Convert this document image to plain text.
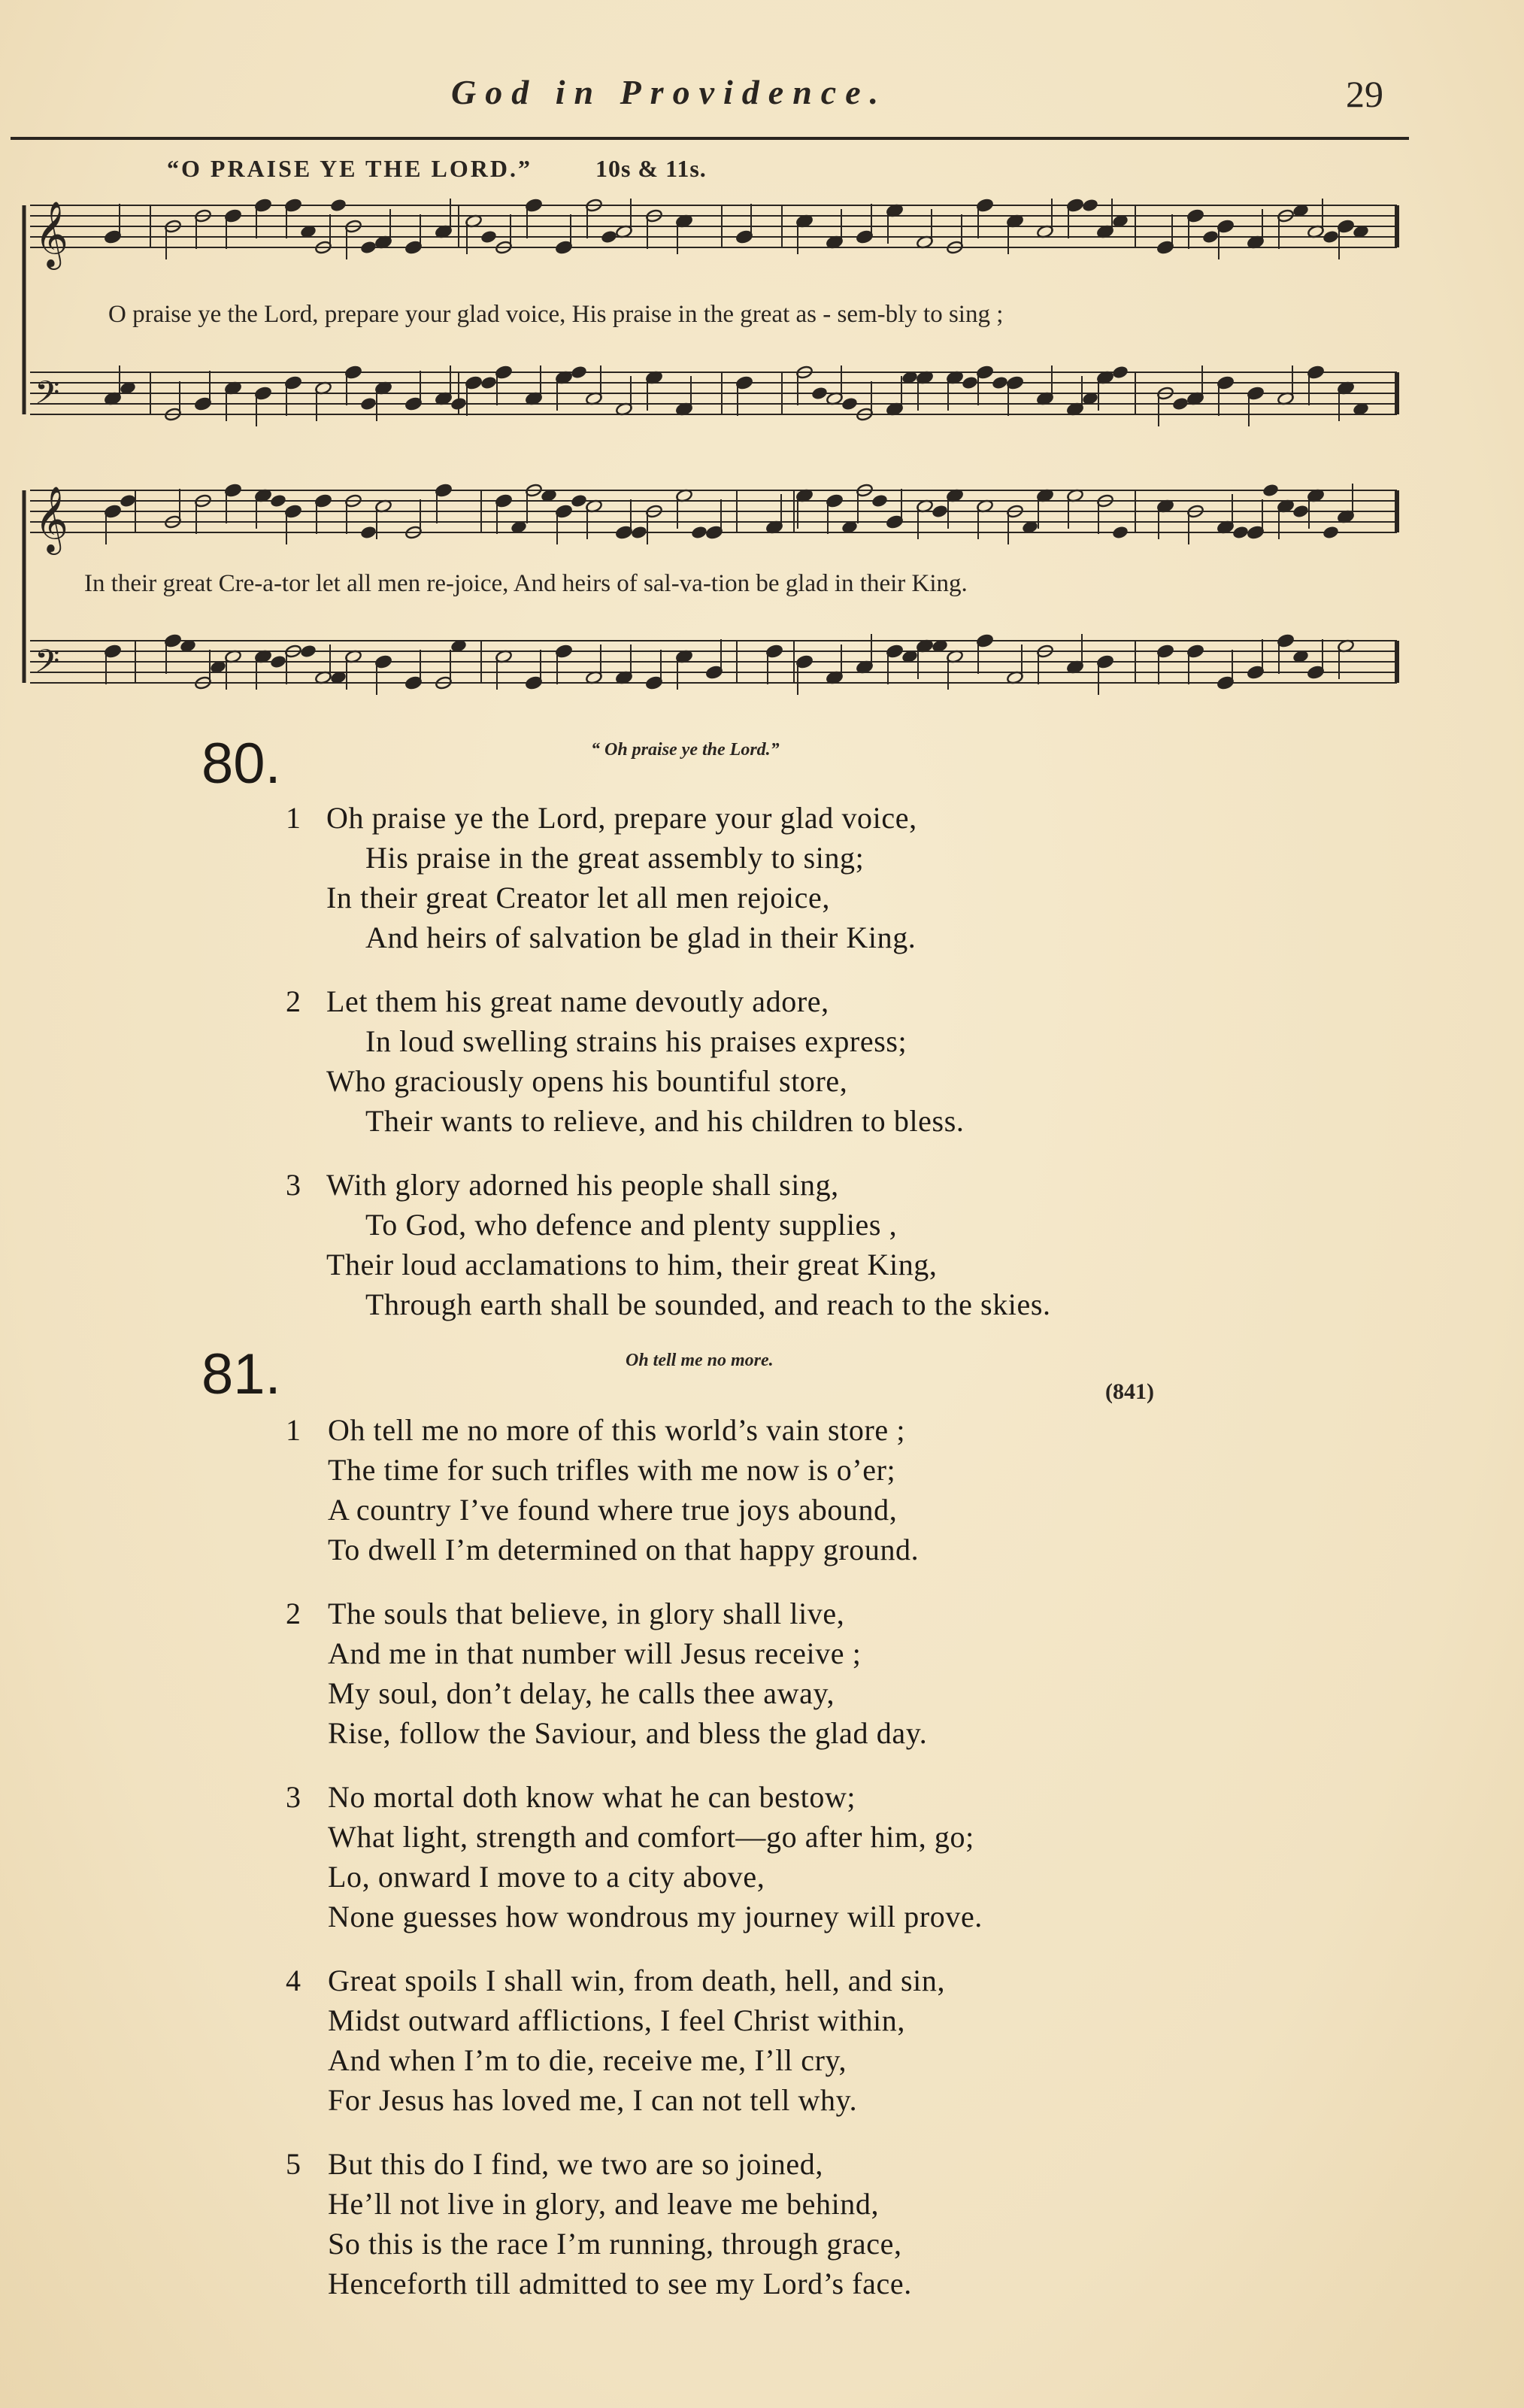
God in Providence.	29
“O PRAISE YE THE LORD.”	10s & 11s.
𝄞
𝄢
𝄞
𝄢
O praise ye the Lord, prepare your glad voice, His praise in the great as - sem-bly to sing ;
In their great Cre-a-tor let all men re-joice, And heirs of sal-va-tion be glad in their King.
80.	“ Oh praise ye the Lord.”
1 Oh praise ye the Lord, prepare your glad voice,
His praise in the great assembly to sing;
In their great Creator let all men rejoice,
And heirs of salvation be glad in their King.
2 Let them his great name devoutly adore,
In loud swelling strains his praises express;
Who graciously opens his bountiful store,
Their wants to relieve, and his children to bless.
3 With glory adorned his people shall sing,
To God, who defence and plenty supplies ,
Their loud acclamations to him, their great King,
Through earth shall be sounded, and reach to the skies.
81.	Oh tell me no more.
(841)
1 Oh tell me no more of this world’s vain store ;
The time for such trifles with me now is o’er;
A country I’ve found where true joys abound,
To dwell I’m determined on that happy ground.
2 The souls that believe, in glory shall live,
And me in that number will Jesus receive ;
My soul, don’t delay, he calls thee away,
Rise, follow the Saviour, and bless the glad day.
3 No mortal doth know what he can bestow;
What light, strength and comfort—go after him, go;
Lo, onward I move to a city above,
None guesses how wondrous my journey will prove.
4 Great spoils I shall win, from death, hell, and sin,
Midst outward afflictions, I feel Christ within,
And when I’m to die, receive me, I’ll cry,
For Jesus has loved me, I can not tell why.
5 But this do I find, we two are so joined,
He’ll not live in glory, and leave me behind,
So this is the race I’m running, through grace,
Henceforth till admitted to see my Lord’s face.
